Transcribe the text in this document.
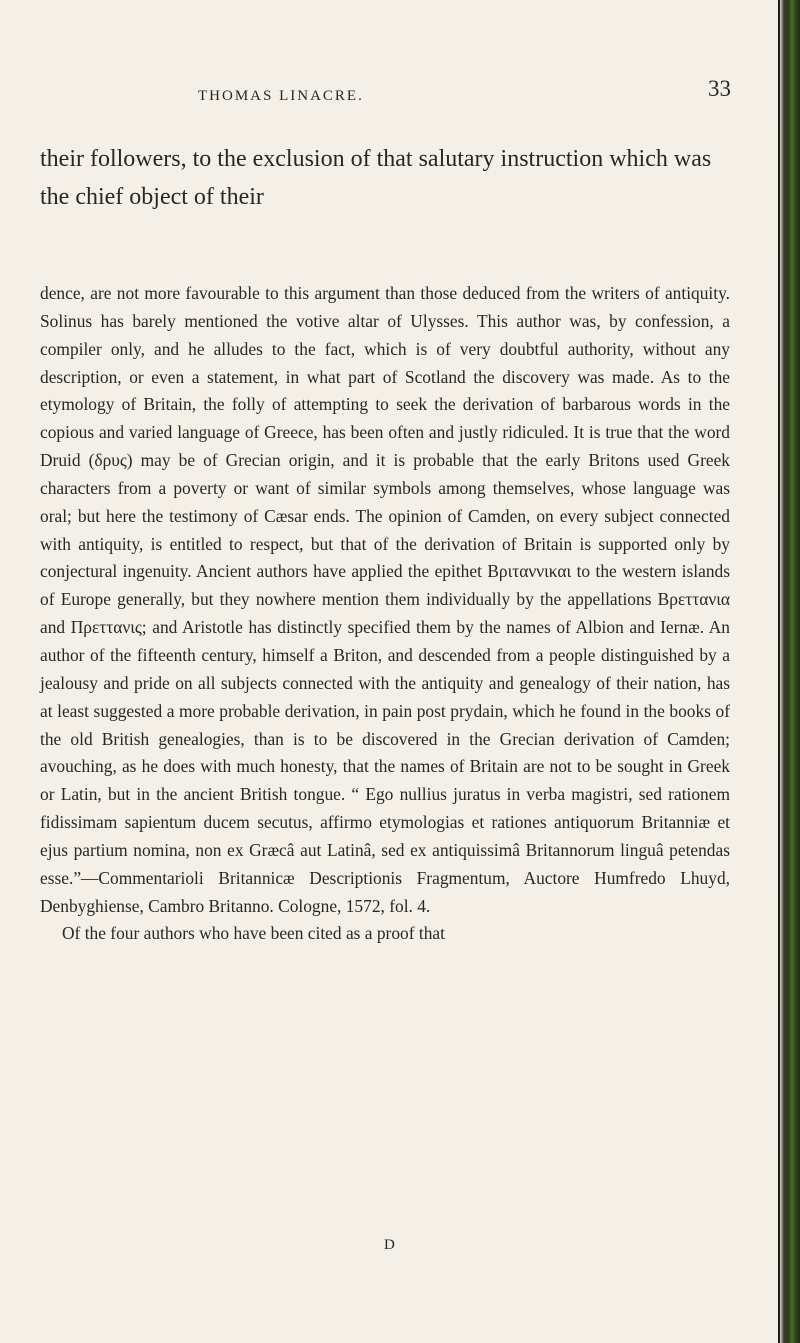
THOMAS LINACRE.	33

their followers, to the exclusion of that salutary instruction which was the chief object of their

dence, are not more favourable to this argument than those deduced from the writers of antiquity. Solinus has barely mentioned the votive altar of Ulysses. This author was, by confession, a compiler only, and he alludes to the fact, which is of very doubtful authority, without any description, or even a statement, in what part of Scotland the discovery was made. As to the etymology of Britain, the folly of attempting to seek the derivation of barbarous words in the copious and varied language of Greece, has been often and justly ridiculed. It is true that the word Druid (δρυς) may be of Grecian origin, and it is probable that the early Britons used Greek characters from a poverty or want of similar symbols among themselves, whose language was oral; but here the testimony of Cæsar ends. The opinion of Camden, on every subject connected with antiquity, is entitled to respect, but that of the derivation of Britain is supported only by conjectural ingenuity. Ancient authors have applied the epithet Βριταννικαι to the western islands of Europe generally, but they nowhere mention them individually by the appellations Βρεττανια and Πρεττανις; and Aristotle has distinctly specified them by the names of Albion and Iernæ. An author of the fifteenth century, himself a Briton, and descended from a people distinguished by a jealousy and pride on all subjects connected with the antiquity and genealogy of their nation, has at least suggested a more probable derivation, in pain post prydain, which he found in the books of the old British genealogies, than is to be discovered in the Grecian derivation of Camden; avouching, as he does with much honesty, that the names of Britain are not to be sought in Greek or Latin, but in the ancient British tongue. “ Ego nullius juratus in verba magistri, sed rationem fidissimam sapientum ducem secutus, affirmo etymologias et rationes antiquorum Britanniæ et ejus partium nomina, non ex Græcâ aut Latinâ, sed ex antiquissimâ Britannorum linguâ petendas esse.”—Commentarioli Britannicæ Descriptionis Fragmentum, Auctore Humfredo Lhuyd, Denbyghiense, Cambro Britanno. Cologne, 1572, fol. 4.

Of the four authors who have been cited as a proof that

D
